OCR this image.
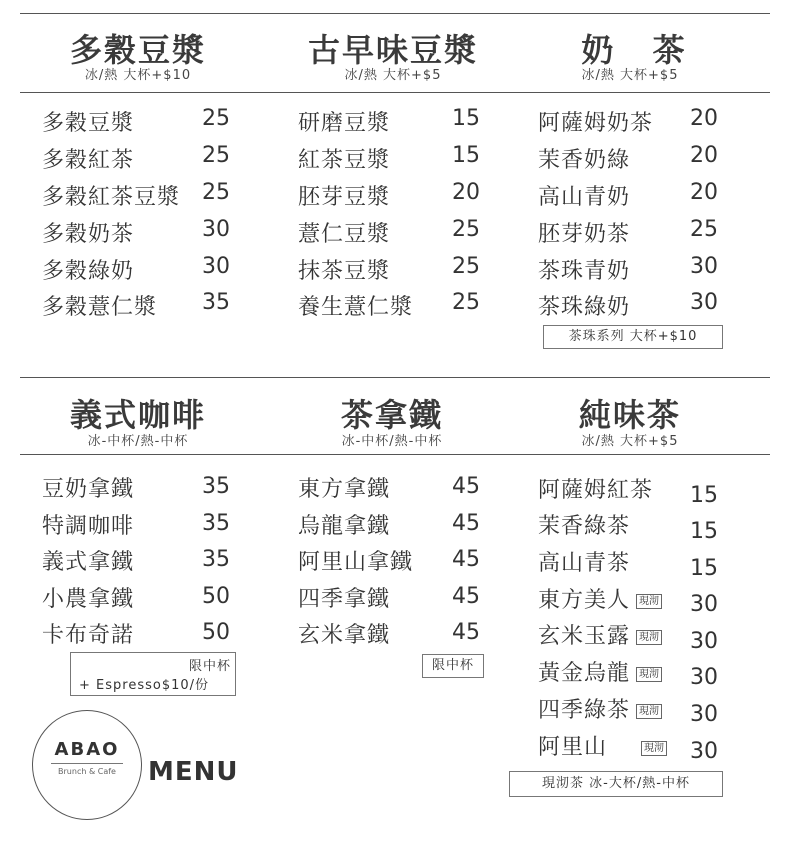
多穀豆漿
冰/熱 大杯+$10
多穀豆漿	25
多穀紅茶	25
多穀紅茶豆漿 25
多穀奶茶	30
多穀綠奶	30
多穀薏仁漿 35
古早味豆漿
冰/熱 大杯+$5
研磨豆漿	15
紅茶豆漿	15
胚芽豆漿	20
薏仁豆漿	25
抹茶豆漿	25
養生薏仁漿 25
奶 茶
冰/熱 大杯+$5
阿薩姆奶茶 20
茉香奶綠	20
高山青奶	20
胚芽奶茶	25
茶珠青奶	30
茶珠綠奶	30
茶珠系列 大杯+$10
義式咖啡
冰-中杯/熱-中杯
豆奶拿鐵	35
特調咖啡	35
義式拿鐵	35
小農拿鐵	50
卡布奇諾	50
限中杯
+ Espresso$10/份
茶拿鐵
冰-中杯/熱-中杯
東方拿鐵	45
烏龍拿鐵	45
阿里山拿鐵 45
四季拿鐵	45
玄米拿鐵	45
限中杯
純味茶
冰/熱 大杯+$5
阿薩姆紅茶 15
茉香綠茶	15
高山青茶	15
東方美人 現沏 30
玄米玉露 現沏 30
黃金烏龍 現沏 30
四季綠茶 現沏 30
阿里山	現沏 30
現沏茶 冰-大杯/熱-中杯
ABAO
Brunch & Cafe	MENU
